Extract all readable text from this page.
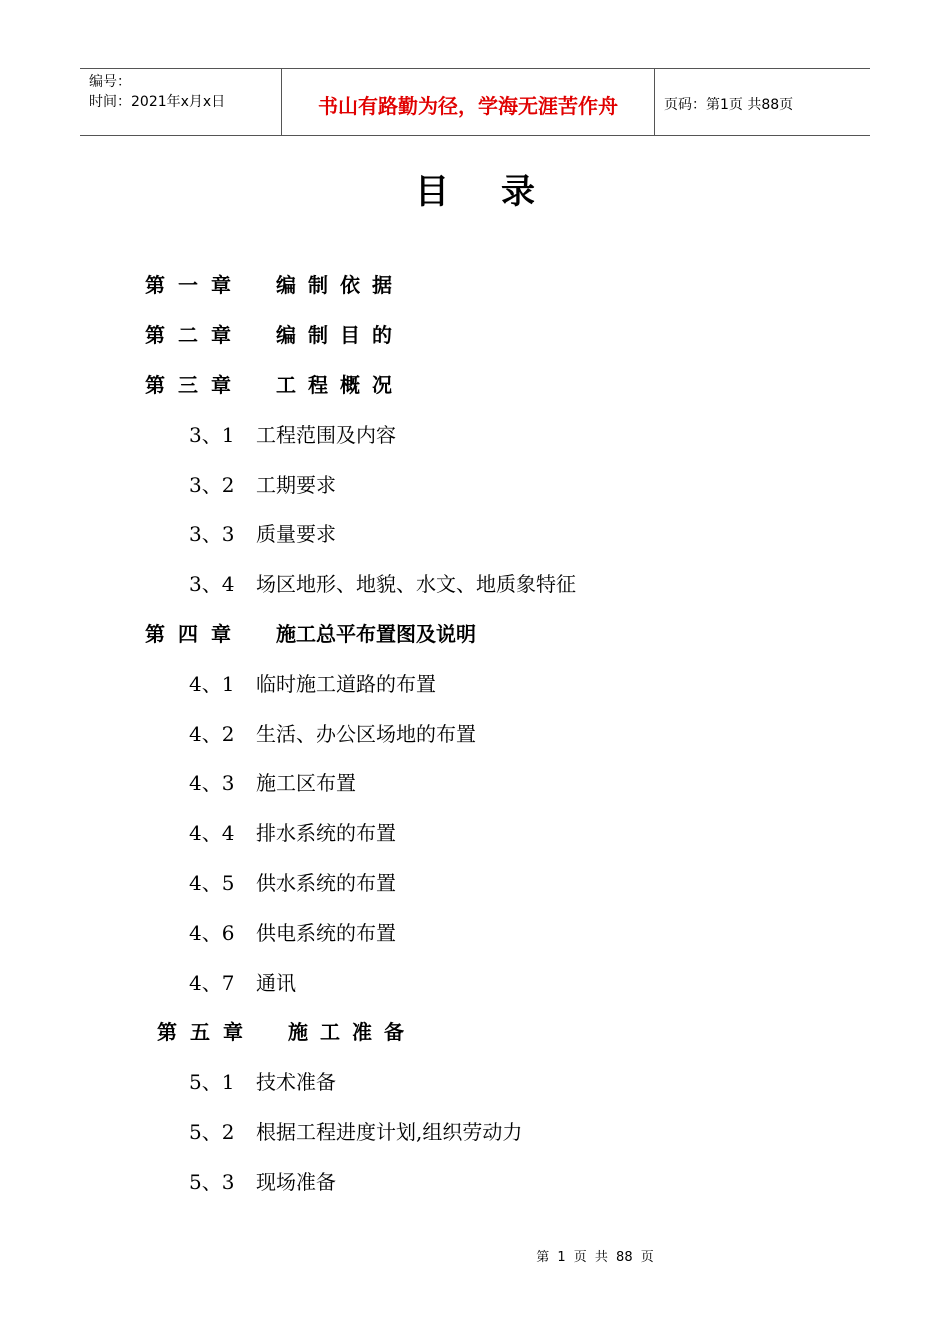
编号：
时间：2021年x月x日	书山有路勤为径，学海无涯苦作舟	页码：第1页 共88页
目录
第一章 编制依据
第二章 编制目的
第三章 工程概况
3、1 工程范围及内容
3、2 工期要求
3、3 质量要求
3、4 场区地形、地貌、水文、地质象特征
第四章 施工总平布置图及说明
4、1 临时施工道路的布置
4、2 生活、办公区场地的布置
4、3 施工区布置
4、4 排水系统的布置
4、5 供水系统的布置
4、6 供电系统的布置
4、7 通讯
第五章 施工准备
5、1 技术准备
5、2 根据工程进度计划,组织劳动力
5、3 现场准备
第 1 页 共 88 页
